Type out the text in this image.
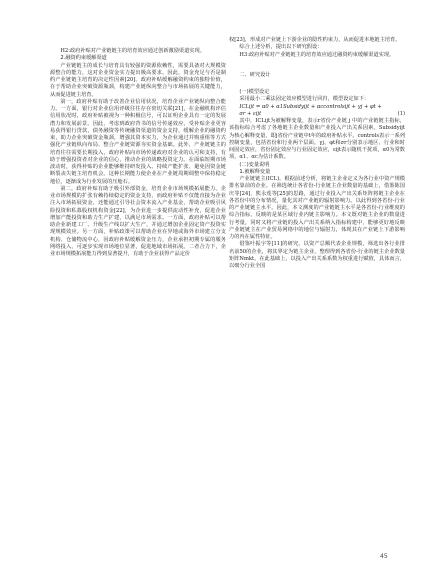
H2:政府补贴对产业链链主的培育效应通过创新激励渠道实现。

2.融资约束缓解渠道

产业链链主的成长与培育具有较强的资源依赖性，需要具备对大规模资源整合的能力，这对企业资金实力提出极高要求。因此，资金充足与否是制约产业链链主培育的决定性因素[20]。政府补贴缓解融资约束的独特价值，在于帮助企业突破资源瓶颈，构建产业链纵向整合与市场拓展的关键能力，从而促进链主培育。

第一，政府补贴有助于改善企业信用状况，培育企业产业链纵向整合能力。一方面，银行对企业信用评级往往存在密切关联[21]，在金融机构评估信用状况时，政府补贴被视为一种积极信号，可以证明企业具有一定的发展潜力和发展前景。因此，考虑到政府背书的信号传递效应，受补贴企业更容易获得银行贷款，债务融资等传统融资渠道的资金支持，缓解企业的融资约束，助力企业突破资金瓶颈，增强其资本实力，为企业通过并购重组等方式强化产业链纵向布局、整合产业链资源夯实资金基础。此外，产业链链主的培育往往需要长期投入，政府补贴向市场传递政府对企业的认可和支持，有助于增强投资者对企业的信心，推动企业的战略投资定力。在面临短期市场波动时，获得补贴的企业能够维持研发投入、持续产能扩张、避免因资金链断裂丧失链主培育机会。这种长期能力使企业在产业链周期调整中保持稳定地位，逐渐成为行业发展的压舱石。

第二，政府补贴有助于吸引外部资金，培育企业市场规模拓展能力。企业市场规模的扩张有赖持续稳定的资金支持，而政府补贴不仅能直接为企业注入市场拓展资金，还能通过引导社会资本流入产业基金，帮助企业吸引风险投资和私募股权机构资金[22]，为企业进一步提供流动性补充，促进企业增加产能投资和助力生产扩建，以满足市场需求。一方面，政府补贴可以帮助企业新建工厂、升级生产线以扩大生产，并通过增加企业固定资产投资实现规模效应。另一方面，补贴政策可以帮助企业在异地或海外市场建立分支机构、仓储物流中心，因政府补贴缓解资金压力，企业承担初期专属的服务网络投入，可逐步实现市场地位显著，促进地域市场拓展。二者合力下，企业市场规模拓展能力得到显著提升，有助于企业获得产品定价

权[23]，形成对产业链上下游企业的隐性约束力，从而促进本地链主培育。

综合上述分析，提出以下研究假设：

H3:政府补贴对产业链链主的培育效应通过融资约束缓解渠道实现。

二、研究设计

(一)模型设定

采用最小二乘法固定效应模型进行回归，模型设定如下：

ICLijt = α0 + α1Subsidyijt + αccontrolsijt + γj + φt +

σr + εijt	(1)

其中，ICLijt为被解释变量，表示r省份产业链 j 中的产业链链主指标，该指标综合考虑了各地链主企业数量和产业投入产出关系因素。Subsidyijt为核心解释变量，即j省份产业链中t年的政府补贴水平。controls表示一系列控制变量，包括省份和行业两个层面。γj、φt和σr分别表示地区、行业和时间固定效应，省份固定效应与行业固定效应，εijt表示随机干扰项，α0为常数项，α1、αc为估计系数。

(二)变量说明

1.被解释变量

产业链链主(ICL)。根据前述分析，将链主企业定义为各行业中资产规模排名靠前的企业。在筛选统计各省份-行业链主企业数量的基础上，借鉴陈国庆等[24]、熊永莲等[25]的思路，通过行业投入产出关系矩阵将链主企业在各省份中的分布情况，量化其对产业链的辐射影响力。以此得到各省份-行业的产业链链主水平。因此，本文测度的产业链链主水平是各省份-行业维度的综合指标，反映的是某区域行业内链主影响力。本文既对链主企业的数量进行考量，同时又将产业链的投入产出关系纳入指标构建中，能够更好地反映产业链链主在产业贸易网络中的地位与辐射力，体现其在产业链上下游影响力的内在属性特征。

借鉴叶振宇等[11]的研究，以资产总额代表企业规模，筛选出各行业排名前50的企业，将其界定为链主企业，整理得到各省份-行业的链主企业数量矩阵Nmkt。在此基础上，以投入产出关系系数为权重进行赋值，具体而言，以细分行业全国

45
